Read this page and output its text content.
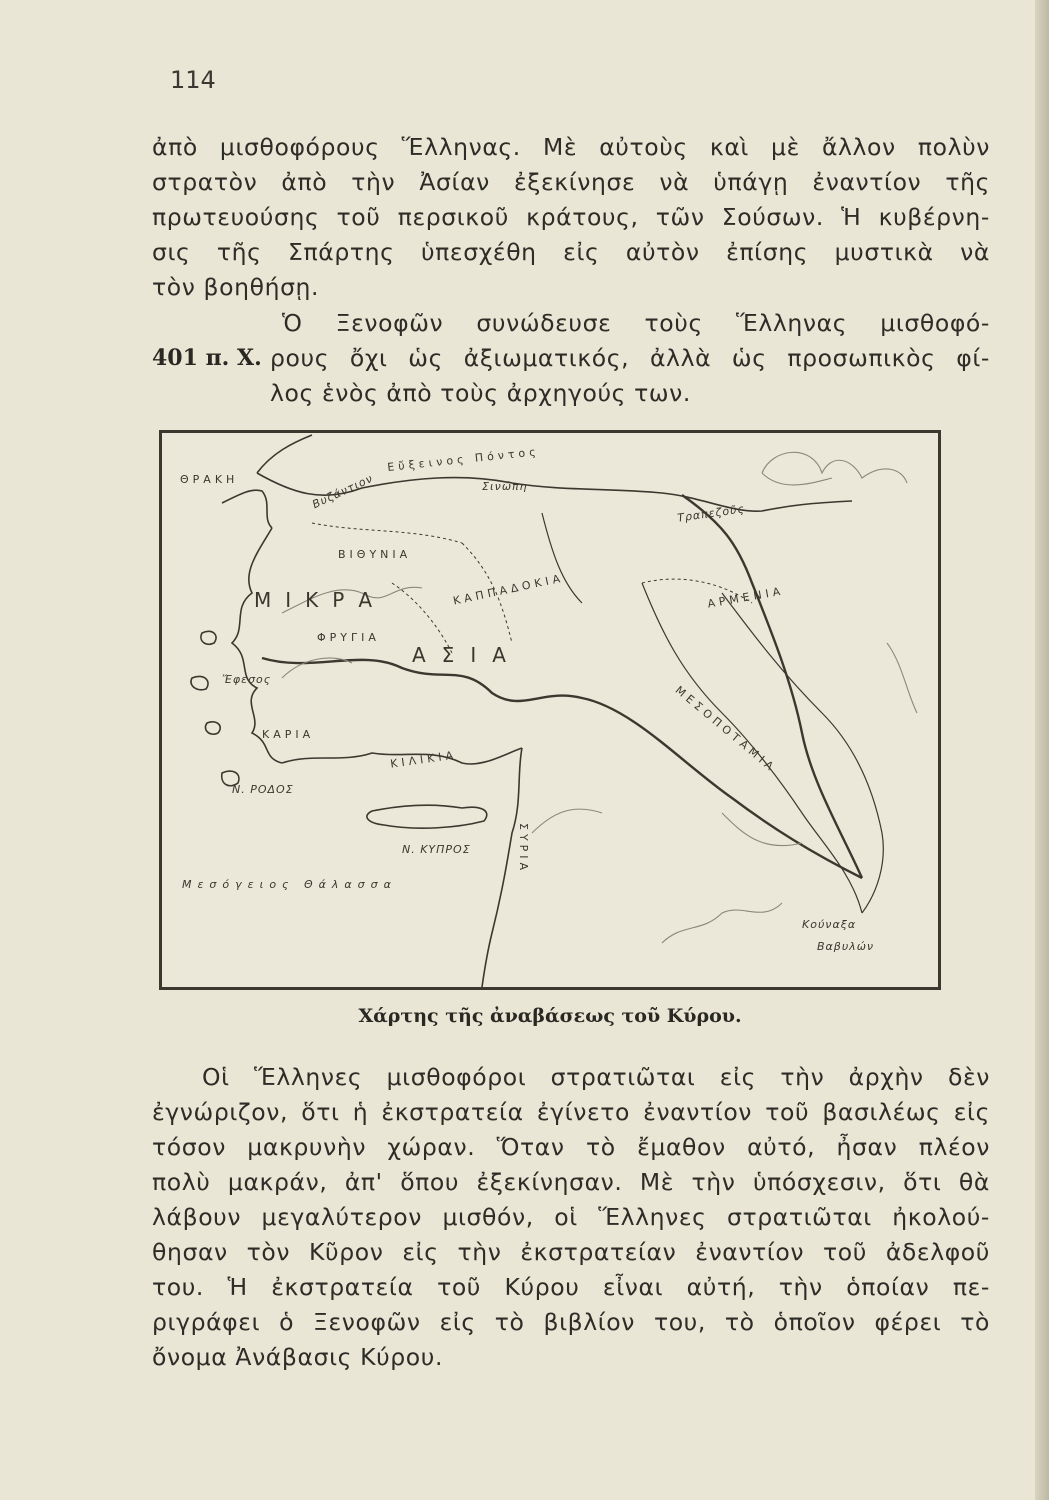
114
ἀπὸ μισθοφόρους Ἕλληνας. Μὲ αὐτοὺς καὶ μὲ ἄλλον πολὺν
στρατὸν ἀπὸ τὴν Ἀσίαν ἐξεκίνησε νὰ ὑπάγῃ ἐναντίον τῆς
πρωτευούσης τοῦ περσικοῦ κράτους, τῶν Σούσων. Ἡ κυβέρνη-
σις τῆς Σπάρτης ὑπεσχέθη εἰς αὐτὸν ἐπίσης μυστικὰ νὰ
τὸν βοηθήσῃ.
401 π. Χ.
Ὁ Ξενοφῶν συνώδευσε τοὺς Ἕλληνας μισθοφό-
ρους ὄχι ὡς ἀξιωματικός, ἀλλὰ ὡς προσωπικὸς φί-
λος ἑνὸς ἀπὸ τοὺς ἀρχηγούς των.
ΘΡΑΚΗ
Εὔξεινος Πόντος
Βυζάντιον	Σινώπη
Τραπεζοῦς
ΒΙΘΥΝΙΑ
ΚΑΠΠΑΔΟΚΙΑ
ΜΙΚΡΑ
ΑΣΙΑ
ΦΡΥΓΙΑ
ΑΡΜΕΝΙΑ
Ἔφεσος
ΚΑΡΙΑ
ΚΙΛΙΚΙΑ	ΜΕΣΟΠΟΤΑΜΙΑ
Ν. ΡΟΔΟΣ
Ν. ΚΥΠΡΟΣ
Μεσόγειος Θάλασσα
ΣΥΡΙΑ
Κούναξα
Βαβυλών
Χάρτης τῆς ἀναβάσεως τοῦ Κύρου.
Οἱ Ἕλληνες μισθοφόροι στρατιῶται εἰς τὴν ἀρχὴν δὲν
ἐγνώριζον, ὅτι ἡ ἐκστρατεία ἐγίνετο ἐναντίον τοῦ βασιλέως εἰς
τόσον μακρυνὴν χώραν. Ὅταν τὸ ἔμαθον αὐτό, ἦσαν πλέον
πολὺ μακράν, ἀπ' ὅπου ἐξεκίνησαν. Μὲ τὴν ὑπόσχεσιν, ὅτι θὰ
λάβουν μεγαλύτερον μισθόν, οἱ Ἕλληνες στρατιῶται ἠκολού-
θησαν τὸν Κῦρον εἰς τὴν ἐκστρατείαν ἐναντίον τοῦ ἀδελφοῦ
του. Ἡ ἐκστρατεία τοῦ Κύρου εἶναι αὐτή, τὴν ὁποίαν πε-
ριγράφει ὁ Ξενοφῶν εἰς τὸ βιβλίον του, τὸ ὁποῖον φέρει τὸ
ὄνομα Ἀνάβασις Κύρου.
